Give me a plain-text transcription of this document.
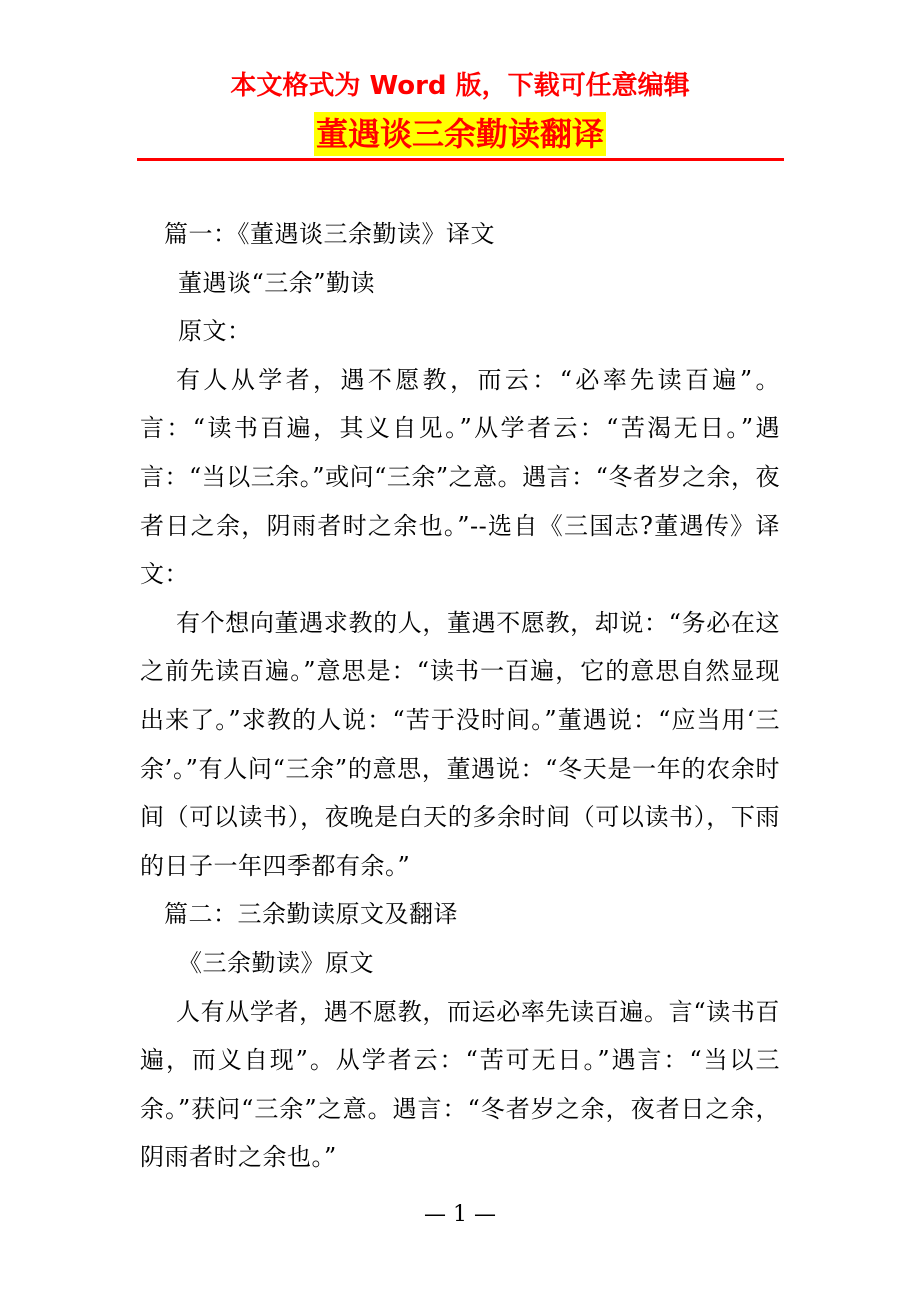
本文格式为 Word 版，下载可任意编辑
董遇谈三余勤读翻译

篇一：《董遇谈三余勤读》译文

董遇谈“三余”勤读

原文：

有人从学者，遇不愿教，而云：“必率先读百遍”。言：“读书百遍，其义自见。”从学者云：“苦渴无日。”遇言：“当以三余。”或问“三余”之意。遇言：“冬者岁之余，夜者日之余，阴雨者时之余也。”--选自《三国志?董遇传》译文：

有个想向董遇求教的人，董遇不愿教，却说：“务必在这之前先读百遍。”意思是：“读书一百遍，它的意思自然显现出来了。”求教的人说：“苦于没时间。”董遇说：“应当用‘三余’。”有人问“三余”的意思，董遇说：“冬天是一年的农余时间（可以读书），夜晚是白天的多余时间（可以读书），下雨的日子一年四季都有余。”

篇二：三余勤读原文及翻译

《三余勤读》原文

人有从学者，遇不愿教，而运必率先读百遍。言“读书百遍，而义自现”。从学者云：“苦可无日。”遇言：“当以三余。”获问“三余”之意。遇言：“冬者岁之余，夜者日之余，阴雨者时之余也。”

— 1 —
